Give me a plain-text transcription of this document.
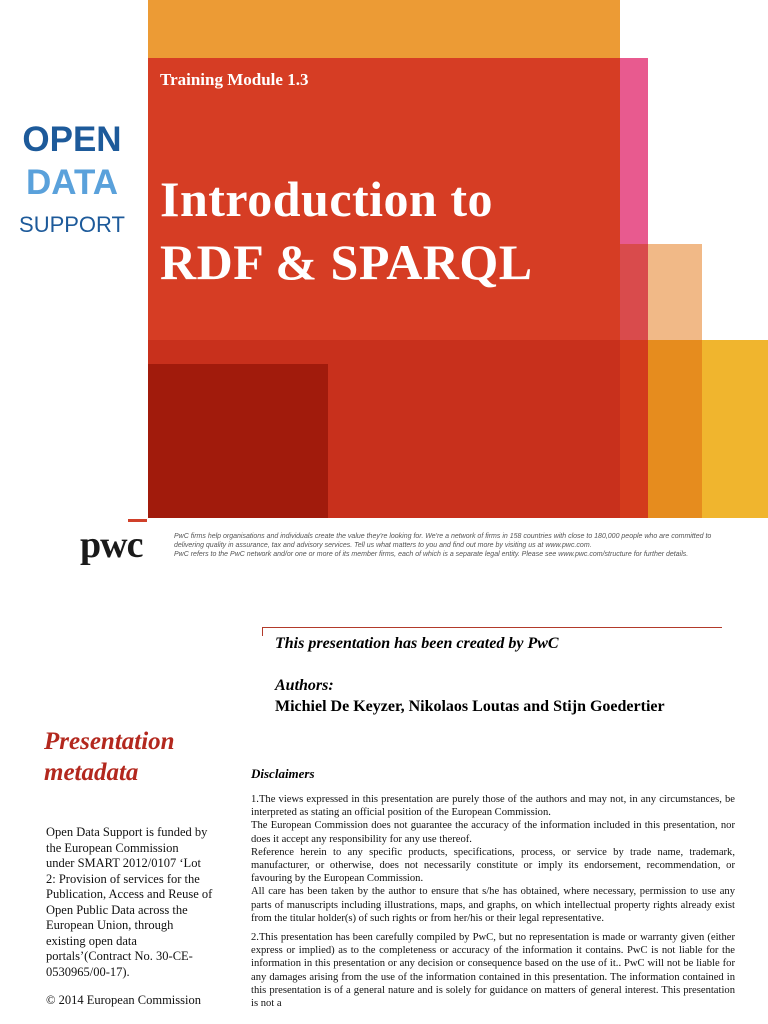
Training Module 1.3
Introduction to
RDF & SPARQL
OPEN
DATA
SUPPORT
pwc	PwC firms help organisations and individuals create the value they're looking for. We're a network of firms in 158 countries with close to 180,000 people who are committed to
delivering quality in assurance, tax and advisory services. Tell us what matters to you and find out more by visiting us at www.pwc.com.
PwC refers to the PwC network and/or one or more of its member firms, each of which is a separate legal entity. Please see www.pwc.com/structure for further details.
This presentation has been created by PwC
Authors:
Michiel De Keyzer, Nikolaos Loutas and Stijn Goedertier
Presentation
metadata
Open Data Support is funded by
the European Commission
under SMART 2012/0107 ‘Lot
2: Provision of services for the
Publication, Access and Reuse of
Open Public Data across the
European Union, through
existing open data
portals’(Contract No. 30-CE-
0530965/00-17).
© 2014 European Commission
Disclaimers

1.The views expressed in this presentation are purely those of the authors and may not, in any circumstances, be interpreted as stating an official position of the European Commission.

The European Commission does not guarantee the accuracy of the information included in this presentation, nor does it accept any responsibility for any use thereof.

Reference herein to any specific products, specifications, process, or service by trade name, trademark, manufacturer, or otherwise, does not necessarily constitute or imply its endorsement, recommendation, or favouring by the European Commission.

All care has been taken by the author to ensure that s/he has obtained, where necessary, permission to use any parts of manuscripts including illustrations, maps, and graphs, on which intellectual property rights already exist from the titular holder(s) of such rights or from her/his or their legal representative.

2.This presentation has been carefully compiled by PwC, but no representation is made or warranty given (either express or implied) as to the completeness or accuracy of the information it contains. PwC is not liable for the information in this presentation or any decision or consequence based on the use of it.. PwC will not be liable for any damages arising from the use of the information contained in this presentation. The information contained in this presentation is of a general nature and is solely for guidance on matters of general interest. This presentation is not a
